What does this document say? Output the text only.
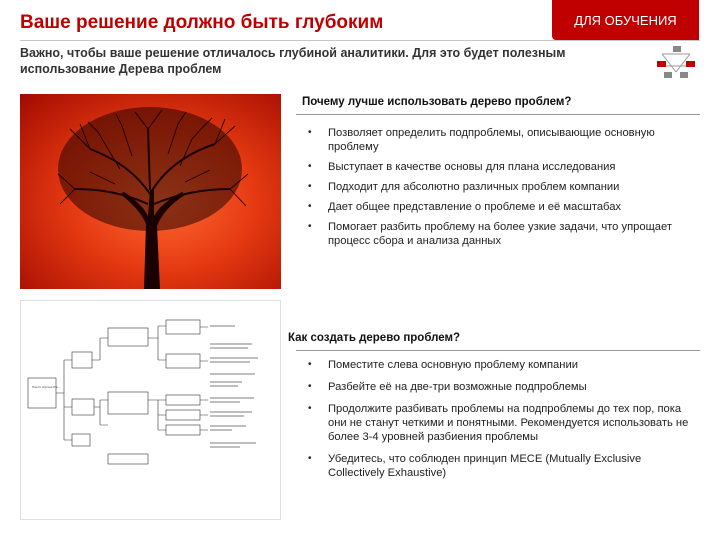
Ваше решение должно быть глубоким	ДЛЯ ОБУЧЕНИЯ
Важно, чтобы ваше решение отличалось глубиной аналитики. Для это будет полезным использование Дерева проблем
How to improve the ...
Почему лучше использовать дерево проблем?
• Позволяет определить подпроблемы, описывающие основную проблему
• Выступает в качестве основы для плана исследования
• Подходит для абсолютно различных проблем компании
• Дает общее представление о проблеме и её масштабах
• Помогает разбить проблему на более узкие задачи, что упрощает процесс сбора и анализа данных
Как создать дерево проблем?
• Поместите слева основную проблему компании
• Разбейте её на две-три возможные подпроблемы
• Продолжите разбивать проблемы на подпроблемы до тех пор, пока они не станут четкими и понятными. Рекомендуется использовать не более 3-4 уровней разбиения проблемы
• Убедитесь, что соблюден принцип MECE (Mutually Exclusive Collectively Exhaustive)
